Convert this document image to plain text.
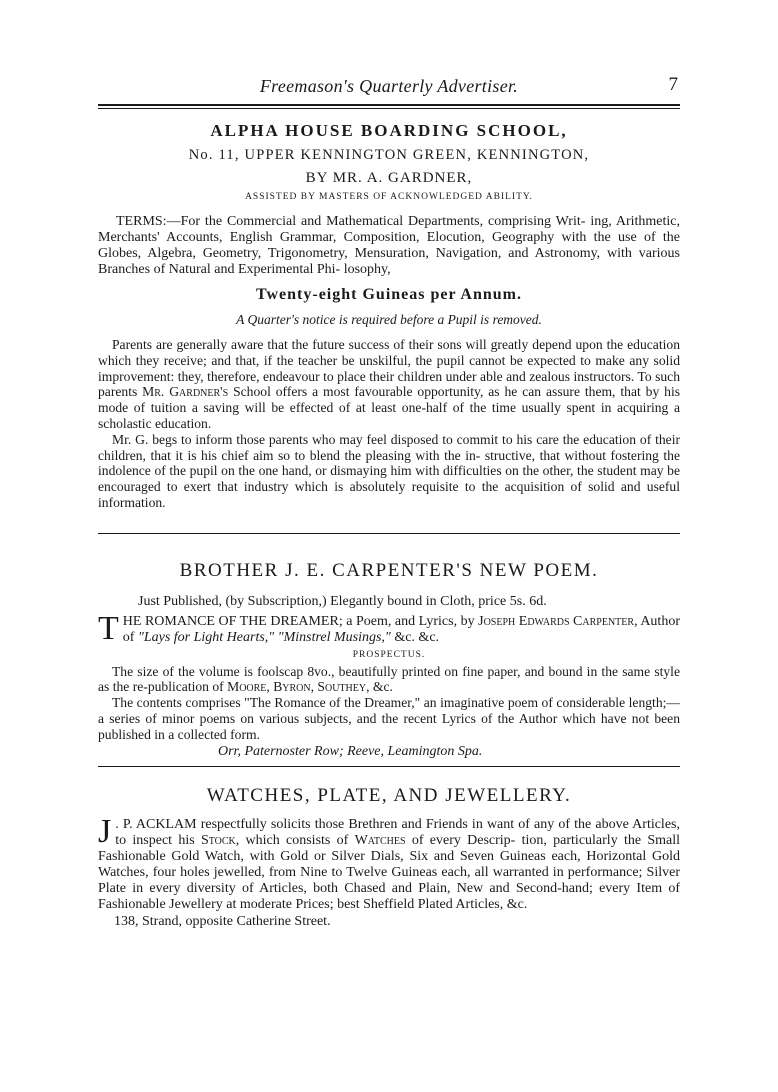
Freemason's Quarterly Advertiser.	7
ALPHA HOUSE BOARDING SCHOOL,
No. 11, UPPER KENNINGTON GREEN, KENNINGTON,
BY MR. A. GARDNER,
ASSISTED BY MASTERS OF ACKNOWLEDGED ABILITY.

TERMS:—For the Commercial and Mathematical Departments, comprising Writ- ing, Arithmetic, Merchants' Accounts, English Grammar, Composition, Elocution, Geography with the use of the Globes, Algebra, Geometry, Trigonometry, Mensuration, Navigation, and Astronomy, with various Branches of Natural and Experimental Phi- losophy,

Twenty-eight Guineas per Annum.
A Quarter's notice is required before a Pupil is removed.

Parents are generally aware that the future success of their sons will greatly depend upon the education which they receive; and that, if the teacher be unskilful, the pupil cannot be expected to make any solid improvement: they, therefore, endeavour to place their children under able and zealous instructors. To such parents Mr. Gardner's School offers a most favourable opportunity, as he can assure them, that by his mode of tuition a saving will be effected of at least one-half of the time usually spent in acquiring a scholastic education.

Mr. G. begs to inform those parents who may feel disposed to commit to his care the education of their children, that it is his chief aim so to blend the pleasing with the in- structive, that without fostering the indolence of the pupil on the one hand, or dismaying him with difficulties on the other, the student may be encouraged to exert that industry which is absolutely requisite to the acquisition of solid and useful information.

BROTHER J. E. CARPENTER'S NEW POEM.

Just Published, (by Subscription,) Elegantly bound in Cloth, price 5s. 6d.

THE ROMANCE OF THE DREAMER; a Poem, and Lyrics, by Joseph Edwards Carpenter, Author of "Lays for Light Hearts," "Minstrel Musings," &c. &c.

PROSPECTUS.

The size of the volume is foolscap 8vo., beautifully printed on fine paper, and bound in the same style as the re-publication of Moore, Byron, Southey, &c.

The contents comprises "The Romance of the Dreamer," an imaginative poem of considerable length;—a series of minor poems on various subjects, and the recent Lyrics of the Author which have not been published in a collected form.

Orr, Paternoster Row; Reeve, Leamington Spa.
WATCHES, PLATE, AND JEWELLERY.

J . P. ACKLAM respectfully solicits those Brethren and Friends in want of any of the above Articles, to inspect his Stock, which consists of Watches of every Descrip- tion, particularly the Small Fashionable Gold Watch, with Gold or Silver Dials, Six and Seven Guineas each, Horizontal Gold Watches, four holes jewelled, from Nine to Twelve Guineas each, all warranted in performance; Silver Plate in every diversity of Articles, both Chased and Plain, New and Second-hand; every Item of Fashionable Jewellery at moderate Prices; best Sheffield Plated Articles, &c.

138, Strand, opposite Catherine Street.
